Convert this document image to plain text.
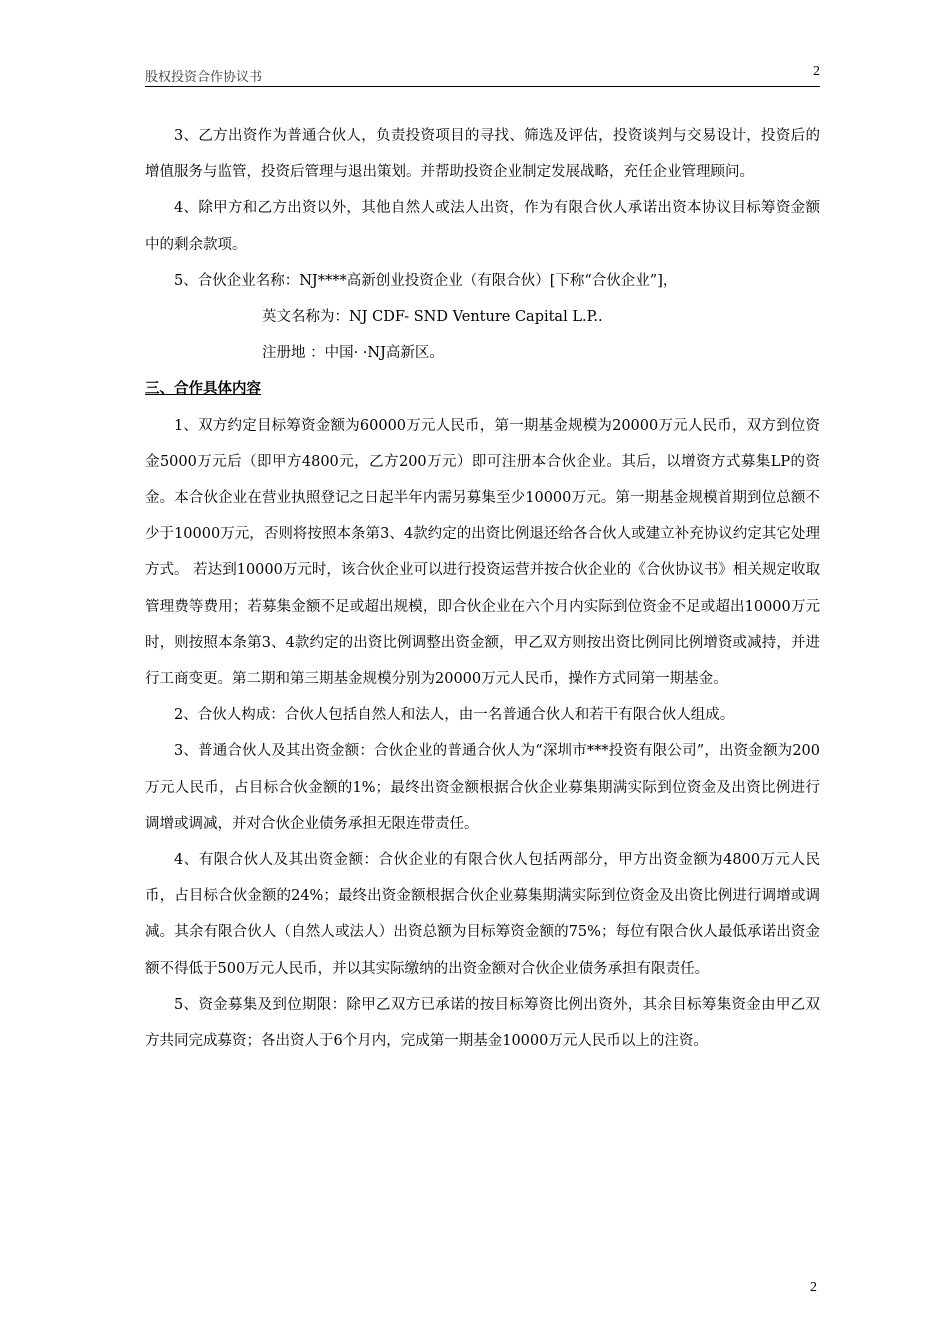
股权投资合作协议书	2

3、乙方出资作为普通合伙人，负责投资项目的寻找、筛选及评估，投资谈判与交易设计，投资后的增值服务与监管，投资后管理与退出策划。并帮助投资企业制定发展战略，充任企业管理顾问。

4、除甲方和乙方出资以外，其他自然人或法人出资，作为有限合伙人承诺出资本协议目标筹资金额中的剩余款项。

5、合伙企业名称：NJ****高新创业投资企业（有限合伙）[下称“合伙企业”]，

英文名称为：NJ CDF- SND Venture Capital L.P..

注册地 ：中国· ·NJ高新区。

三、合作具体内容

1、双方约定目标筹资金额为60000万元人民币，第一期基金规模为20000万元人民币，双方到位资金5000万元后（即甲方4800元，乙方200万元）即可注册本合伙企业。其后，以增资方式募集LP的资金。本合伙企业在营业执照登记之日起半年内需另募集至少10000万元。第一期基金规模首期到位总额不少于10000万元，否则将按照本条第3、4款约定的出资比例退还给各合伙人或建立补充协议约定其它处理方式。 若达到10000万元时，该合伙企业可以进行投资运营并按合伙企业的《合伙协议书》相关规定收取管理费等费用；若募集金额不足或超出规模，即合伙企业在六个月内实际到位资金不足或超出10000万元时，则按照本条第3、4款约定的出资比例调整出资金额，甲乙双方则按出资比例同比例增资或减持，并进行工商变更。第二期和第三期基金规模分别为20000万元人民币，操作方式同第一期基金。

2、合伙人构成：合伙人包括自然人和法人，由一名普通合伙人和若干有限合伙人组成。

3、普通合伙人及其出资金额：合伙企业的普通合伙人为“深圳市***投资有限公司”，出资金额为200万元人民币，占目标合伙金额的1%；最终出资金额根据合伙企业募集期满实际到位资金及出资比例进行调增或调减，并对合伙企业债务承担无限连带责任。

4、有限合伙人及其出资金额：合伙企业的有限合伙人包括两部分，甲方出资金额为4800万元人民币，占目标合伙金额的24%；最终出资金额根据合伙企业募集期满实际到位资金及出资比例进行调增或调减。其余有限合伙人（自然人或法人）出资总额为目标筹资金额的75%；每位有限合伙人最低承诺出资金额不得低于500万元人民币，并以其实际缴纳的出资金额对合伙企业债务承担有限责任。

5、资金募集及到位期限：除甲乙双方已承诺的按目标筹资比例出资外，其余目标筹集资金由甲乙双方共同完成募资；各出资人于6个月内，完成第一期基金10000万元人民币以上的注资。

2
